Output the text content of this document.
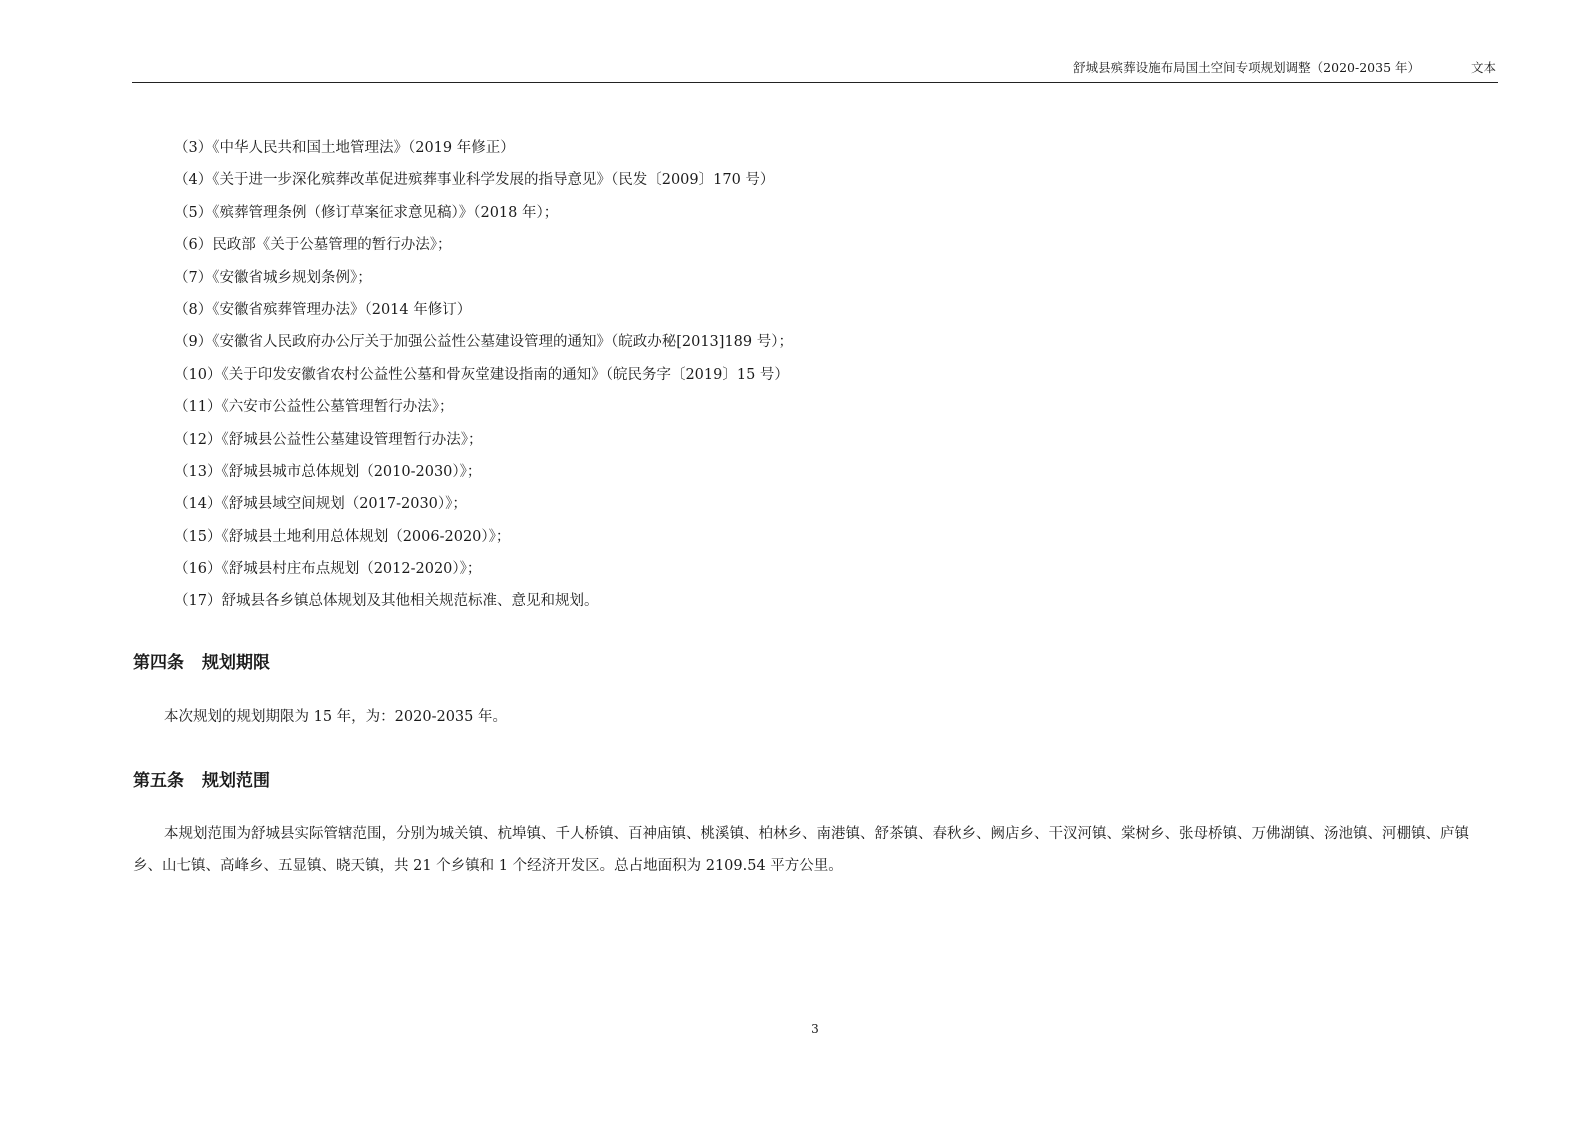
舒城县殡葬设施布局国土空间专项规划调整（2020-2035 年）	文本
（3）《中华人民共和国土地管理法》（2019 年修正）
（4）《关于进一步深化殡葬改革促进殡葬事业科学发展的指导意见》（民发〔2009〕170 号）
（5）《殡葬管理条例（修订草案征求意见稿）》（2018 年）；
（6）民政部《关于公墓管理的暂行办法》；
（7）《安徽省城乡规划条例》；
（8）《安徽省殡葬管理办法》（2014 年修订）
（9）《安徽省人民政府办公厅关于加强公益性公墓建设管理的通知》（皖政办秘[2013]189 号）；
（10）《关于印发安徽省农村公益性公墓和骨灰堂建设指南的通知》（皖民务字〔2019〕15 号）
（11）《六安市公益性公墓管理暂行办法》；
（12）《舒城县公益性公墓建设管理暂行办法》；
（13）《舒城县城市总体规划（2010-2030）》；
（14）《舒城县域空间规划（2017-2030）》；
（15）《舒城县土地利用总体规划（2006-2020）》；
（16）《舒城县村庄布点规划（2012-2020）》；
（17）舒城县各乡镇总体规划及其他相关规范标准、意见和规划。
第四条 规划期限

本次规划的规划期限为 15 年，为：2020-2035 年。

第五条 规划范围

本规划范围为舒城县实际管辖范围，分别为城关镇、杭埠镇、千人桥镇、百神庙镇、桃溪镇、柏林乡、南港镇、舒茶镇、春秋乡、阙店乡、干汊河镇、棠树乡、张母桥镇、万佛湖镇、汤池镇、河棚镇、庐镇乡、山七镇、高峰乡、五显镇、晓天镇，共 21 个乡镇和 1 个经济开发区。总占地面积为 2109.54 平方公里。

3
